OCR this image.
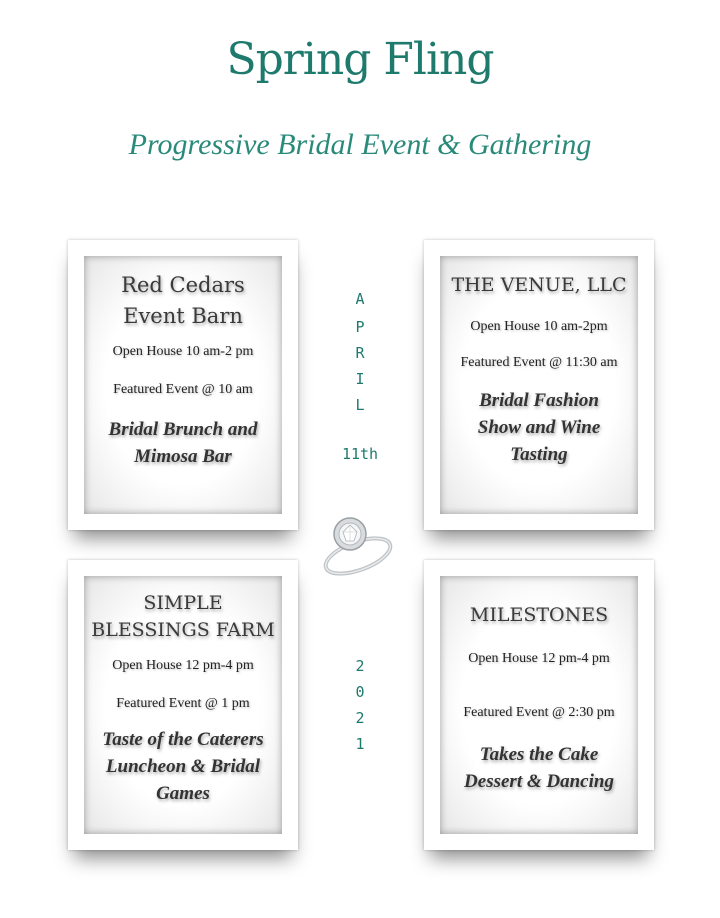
Spring Fling
Progressive Bridal Event & Gathering
Red Cedars
Event Barn
Open House 10 am-2 pm
Featured Event @ 10 am
Bridal Brunch and
Mimosa Bar
THE VENUE, LLC
Open House 10 am-2pm
Featured Event @ 11:30 am
Bridal Fashion
Show and Wine
Tasting
SIMPLE
BLESSINGS FARM
Open House 12 pm-4 pm
Featured Event @ 1 pm
Taste of the Caterers
Luncheon & Bridal
Games
MILESTONES
Open House 12 pm-4 pm
Featured Event @ 2:30 pm
Takes the Cake
Dessert & Dancing
A
P
R
I
L
11th
2
0
2
1
